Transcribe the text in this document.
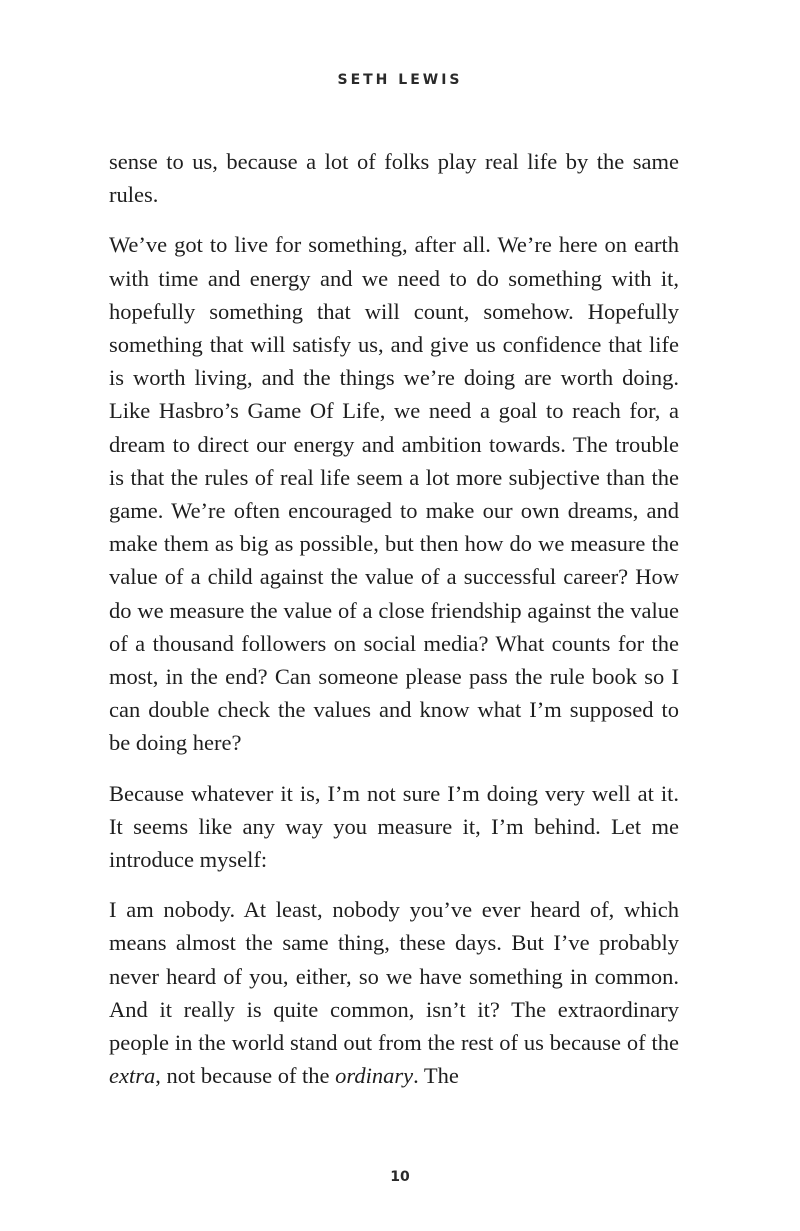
SETH LEWIS

sense to us, because a lot of folks play real life by the same rules.

We’ve got to live for something, after all. We’re here on earth with time and energy and we need to do something with it, hopefully something that will count, somehow. Hopefully something that will satisfy us, and give us confidence that life is worth living, and the things we’re doing are worth doing. Like Hasbro’s Game Of Life, we need a goal to reach for, a dream to direct our energy and ambition towards. The trouble is that the rules of real life seem a lot more subjective than the game. We’re often encouraged to make our own dreams, and make them as big as possible, but then how do we measure the value of a child against the value of a successful career? How do we measure the value of a close friendship against the value of a thousand followers on social media? What counts for the most, in the end? Can someone please pass the rule book so I can double check the values and know what I’m supposed to be doing here?

Because whatever it is, I’m not sure I’m doing very well at it. It seems like any way you measure it, I’m behind. Let me introduce myself:

I am nobody. At least, nobody you’ve ever heard of, which means almost the same thing, these days. But I’ve probably never heard of you, either, so we have something in common. And it really is quite common, isn’t it? The extraordinary people in the world stand out from the rest of us because of the extra, not because of the ordinary. The

10
